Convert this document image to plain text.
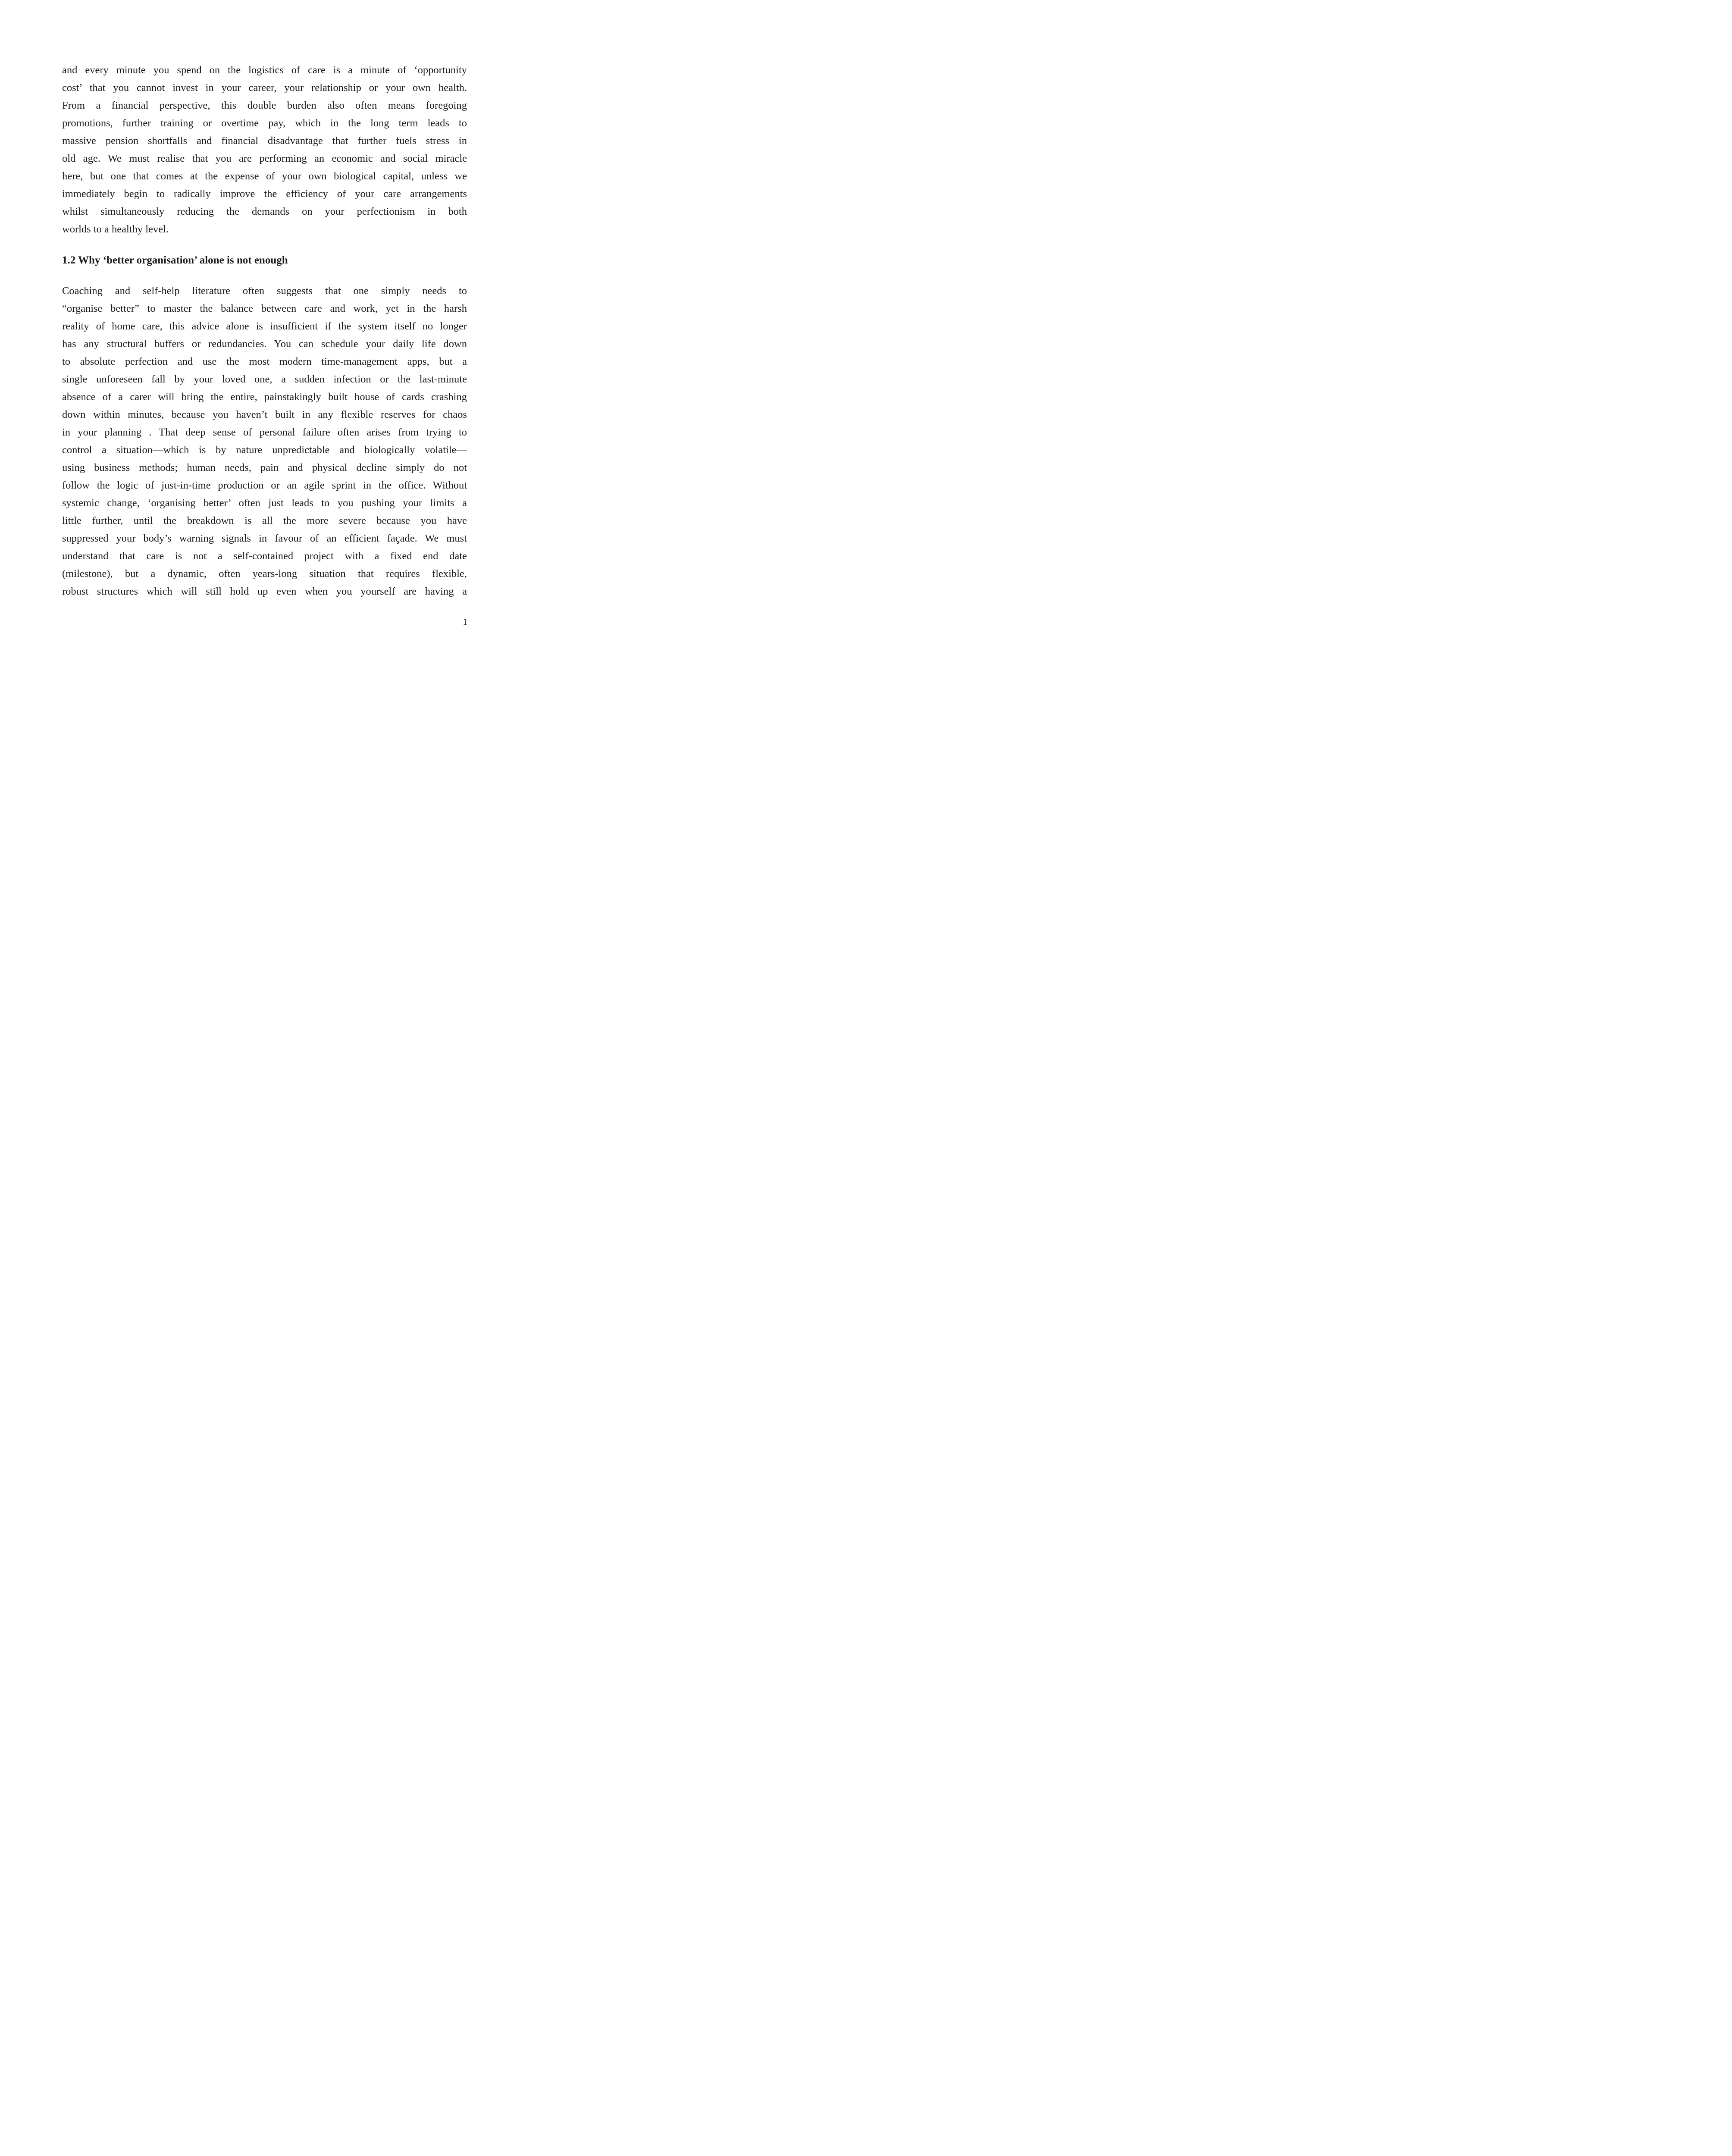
and every minute you spend on the logistics of care is a minute of ‘opportunity
cost’ that you cannot invest in your career, your relationship or your own health.
From a financial perspective, this double burden also often means foregoing
promotions, further training or overtime pay, which in the long term leads to
massive pension shortfalls and financial disadvantage that further fuels stress in
old age. We must realise that you are performing an economic and social miracle
here, but one that comes at the expense of your own biological capital, unless we
immediately begin to radically improve the efficiency of your care arrangements
whilst simultaneously reducing the demands on your perfectionism in both
worlds to a healthy level.
1.2 Why ‘better organisation’ alone is not enough
Coaching and self-help literature often suggests that one simply needs to
“organise better” to master the balance between care and work, yet in the harsh
reality of home care, this advice alone is insufficient if the system itself no longer
has any structural buffers or redundancies. You can schedule your daily life down
to absolute perfection and use the most modern time-management apps, but a
single unforeseen fall by your loved one, a sudden infection or the last-minute
absence of a carer will bring the entire, painstakingly built house of cards crashing
down within minutes, because you haven’t built in any flexible reserves for chaos
in your planning . That deep sense of personal failure often arises from trying to
control a situation—which is by nature unpredictable and biologically volatile—
using business methods; human needs, pain and physical decline simply do not
follow the logic of just-in-time production or an agile sprint in the office. Without
systemic change, ‘organising better’ often just leads to you pushing your limits a
little further, until the breakdown is all the more severe because you have
suppressed your body’s warning signals in favour of an efficient façade. We must
understand that care is not a self-contained project with a fixed end date
(milestone), but a dynamic, often years-long situation that requires flexible,
robust structures which will still hold up even when you yourself are having a
1
